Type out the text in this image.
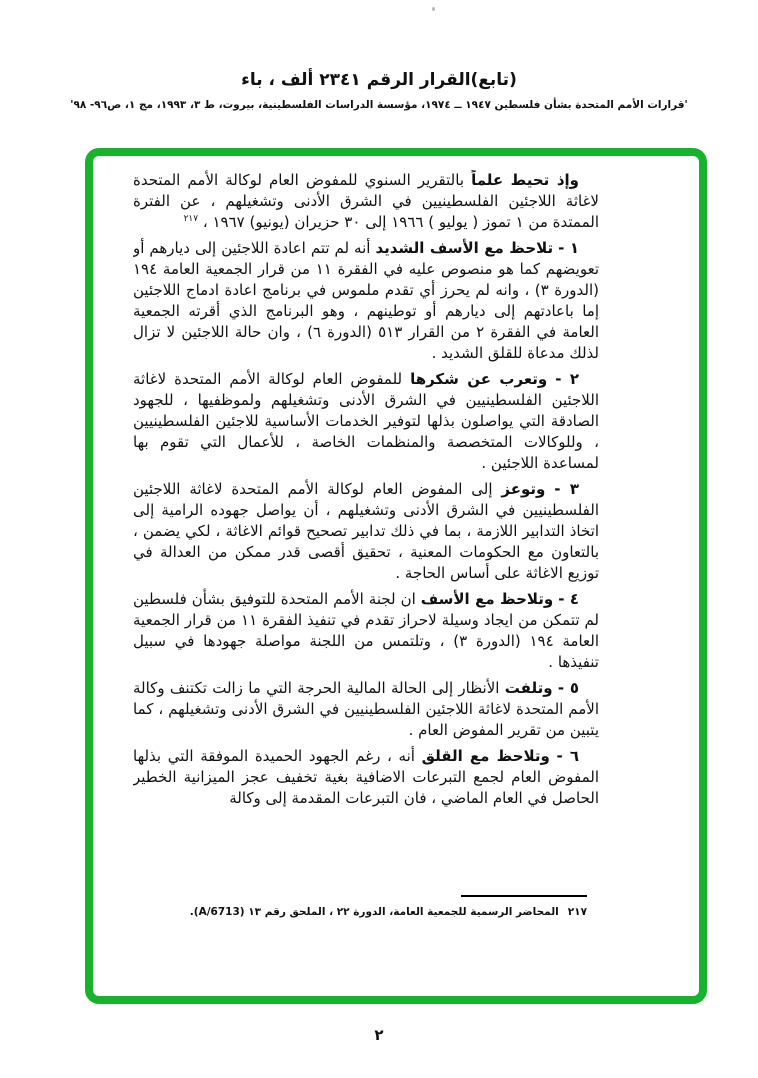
(تابع)القرار الرقم ٢٣٤١ ألف ، باء
'قرارات الأمم المتحدة بشأن فلسطين ١٩٤٧ ــ ١٩٧٤، مؤسسة الدراسات الفلسطينية، بيروت، ط ٣، ١٩٩٣، مج ١، ص٩٦- ٩٨'

وإذ تحيط علماً بالتقرير السنوي للمفوض العام لوكالة الأمم المتحدة لاغاثة اللاجئين الفلسطينيين في الشرق الأدنى وتشغيلهم ، عن الفترة الممتدة من ١ تموز ( يوليو ) ١٩٦٦ إلى ٣٠ حزيران (يونيو) ١٩٦٧ ، $^{٢١٧}$

١ - تلاحظ مع الأسف الشديد أنه لم تتم اعادة اللاجئين إلى ديارهم أو تعويضهم كما هو منصوص عليه في الفقرة ١١ من قرار الجمعية العامة ١٩٤ (الدورة ٣) ، وانه لم يحرز أي تقدم ملموس في برنامج اعادة ادماج اللاجئين إما باعادتهم إلى ديارهم أو توطينهم ، وهو البرنامج الذي أقرته الجمعية العامة في الفقرة ٢ من القرار ٥١٣ (الدورة ٦) ، وان حالة اللاجئين لا تزال لذلك مدعاة للقلق الشديد .

٢ - وتعرب عن شكرها للمفوض العام لوكالة الأمم المتحدة لاغاثة اللاجئين الفلسطينيين في الشرق الأدنى وتشغيلهم ولموظفيها ، للجهود الصادقة التي يواصلون بذلها لتوفير الخدمات الأساسية للاجئين الفلسطينيين ، وللوكالات المتخصصة والمنظمات الخاصة ، للأعمال التي تقوم بها لمساعدة اللاجئين .

٣ - وتوعز إلى المفوض العام لوكالة الأمم المتحدة لاغاثة اللاجئين الفلسطينيين في الشرق الأدنى وتشغيلهم ، أن يواصل جهوده الرامية إلى اتخاذ التدابير اللازمة ، بما في ذلك تدابير تصحيح قوائم الاغاثة ، لكي يضمن ، بالتعاون مع الحكومات المعنية ، تحقيق أقصى قدر ممكن من العدالة في توزيع الاغاثة على أساس الحاجة .

٤ - وتلاحظ مع الأسف ان لجنة الأمم المتحدة للتوفيق بشأن فلسطين لم تتمكن من ايجاد وسيلة لاحراز تقدم في تنفيذ الفقرة ١١ من قرار الجمعية العامة ١٩٤ (الدورة ٣) ، وتلتمس من اللجنة مواصلة جهودها في سبيل تنفيذها .

٥ - وتلفت الأنظار إلى الحالة المالية الحرجة التي ما زالت تكتنف وكالة الأمم المتحدة لاغاثة اللاجئين الفلسطينيين في الشرق الأدنى وتشغيلهم ، كما يتبين من تقرير المفوض العام .

٦ - وتلاحظ مع القلق أنه ، رغم الجهود الحميدة الموفقة التي بذلها المفوض العام لجمع التبرعات الاضافية بغية تخفيف عجز الميزانية الخطير الحاصل في العام الماضي ، فان التبرعات المقدمة إلى وكالة

٢١٧المحاضر الرسمية للجمعية العامة، الدورة ٢٢ ، الملحق رقم ١٣ (A/6713).
٢
